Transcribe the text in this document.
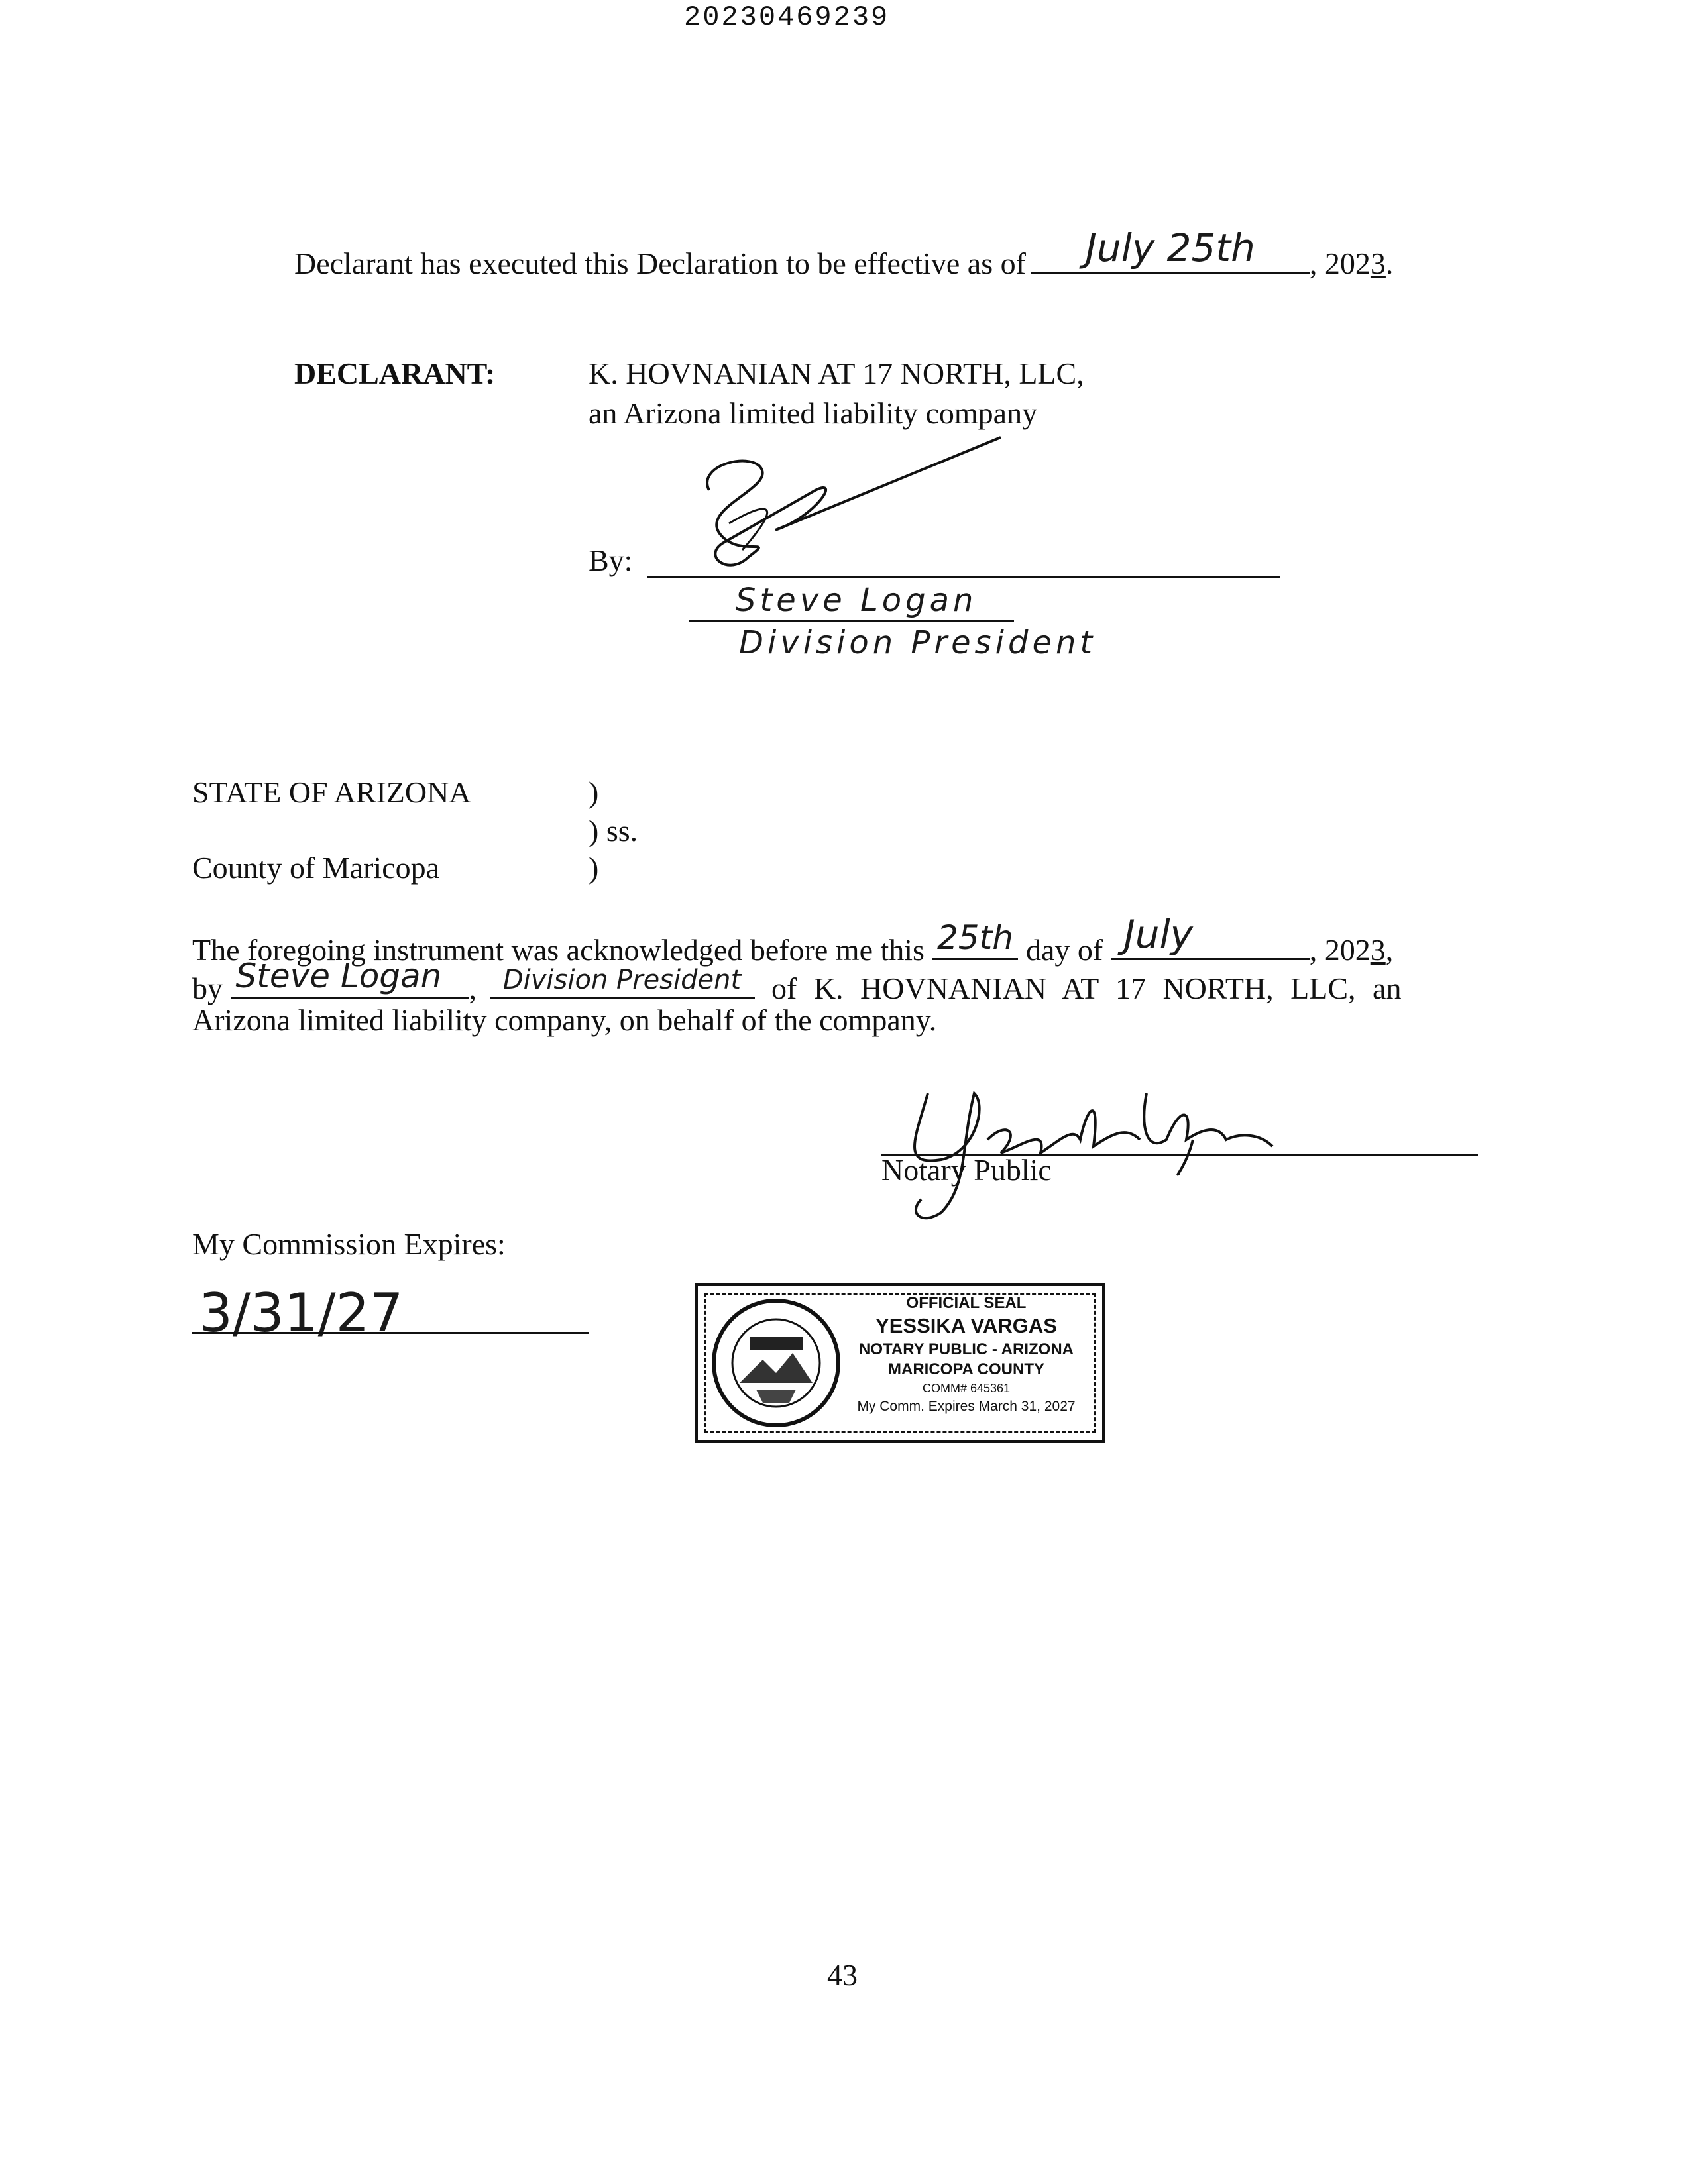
20230469239
Declarant has executed this Declaration to be effective as of	July 25th	, 2023.
DECLARANT:	K. HOVNANIAN AT 17 NORTH, LLC,
an Arizona limited liability company
By:
Steve Logan
Division President
STATE OF ARIZONA	)
) ss.
County of Maricopa	)
The foregoing instrument was acknowledged before me this 25th day of July	, 2023,
by Steve Logan , Division President of K. HOVNANIAN AT 17 NORTH, LLC, an
Arizona limited liability company, on behalf of the company.
Notary Public
My Commission Expires:
3/31/27	OFFICIAL SEAL
YESSIKA VARGAS
NOTARY PUBLIC - ARIZONA
MARICOPA COUNTY
COMM# 645361
My Comm. Expires March 31, 2027
43
